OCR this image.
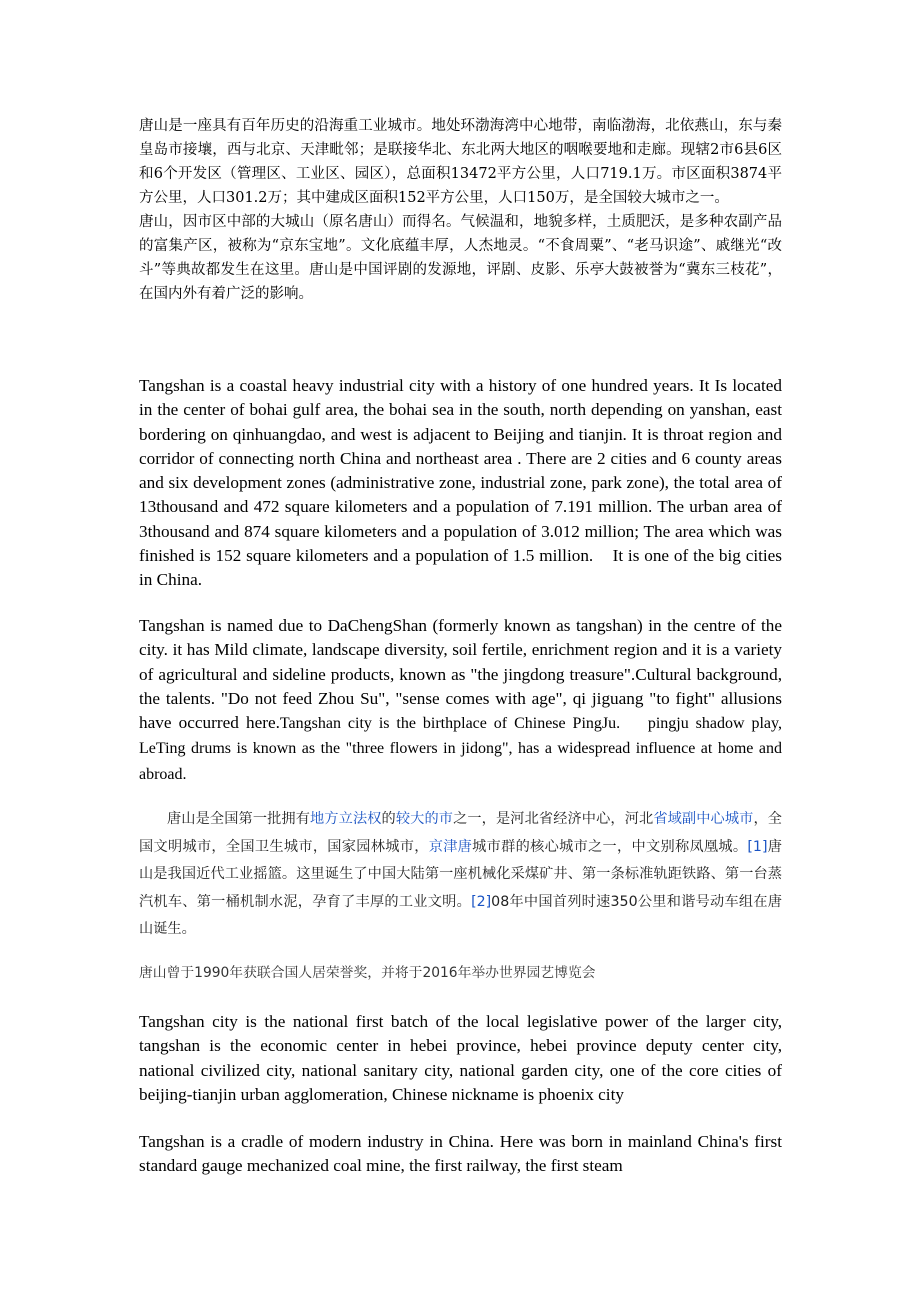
唐山是一座具有百年历史的沿海重工业城市。地处环渤海湾中心地带，南临渤海，北依燕山，东与秦皇岛市接壤，西与北京、天津毗邻；是联接华北、东北两大地区的咽喉要地和走廊。现辖2市6县6区和6个开发区（管理区、工业区、园区），总面积13472平方公里，人口719.1万。市区面积3874平方公里，人口301.2万；其中建成区面积152平方公里，人口150万，是全国较大城市之一。

唐山，因市区中部的大城山（原名唐山）而得名。气候温和，地貌多样，土质肥沃，是多种农副产品的富集产区，被称为“京东宝地”。文化底蕴丰厚，人杰地灵。“不食周粟”、“老马识途”、戚继光“改斗”等典故都发生在这里。唐山是中国评剧的发源地，评剧、皮影、乐亭大鼓被誉为“冀东三枝花”，在国内外有着广泛的影响。

Tangshan is a coastal heavy industrial city with a history of one hundred years. It Is located in the center of bohai gulf area, the bohai sea in the south, north depending on yanshan, east bordering on qinhuangdao, and west is adjacent to Beijing and tianjin. It is throat region and corridor of connecting north China and northeast area . There are 2 cities and 6 county areas and six development zones (administrative zone, industrial zone, park zone), the total area of 13thousand and 472 square kilometers and a population of 7.191 million. The urban area of 3thousand and 874 square kilometers and a population of 3.012 million; The area which was finished is 152 square kilometers and a population of 1.5 million.    It is one of the big cities in China.

Tangshan is named due to DaChengShan (formerly known as tangshan) in the centre of the city. it has Mild climate, landscape diversity, soil fertile, enrichment region and it is a variety of agricultural and sideline products, known as "the jingdong treasure".Cultural background, the talents. "Do not feed Zhou Su", "sense comes with age", qi jiguang "to fight" allusions have occurred here.Tangshan city is the birthplace of Chinese PingJu.    pingju shadow play, LeTing drums is known as the "three flowers in jidong", has a widespread influence at home and abroad.

唐山是全国第一批拥有地方立法权的较大的市之一，是河北省经济中心，河北省域副中心城市，全国文明城市，全国卫生城市，国家园林城市，京津唐城市群的核心城市之一，中文别称凤凰城。[1]唐山是我国近代工业摇篮。这里诞生了中国大陆第一座机械化采煤矿井、第一条标准轨距铁路、第一台蒸汽机车、第一桶机制水泥，孕育了丰厚的工业文明。[2]08年中国首列时速350公里和谐号动车组在唐山诞生。

唐山曾于1990年获联合国人居荣誉奖，并将于2016年举办世界园艺博览会

Tangshan city is the national first batch of the local legislative power of the larger city, tangshan is the economic center in hebei province, hebei province deputy center city, national civilized city, national sanitary city, national garden city, one of the core cities of beijing-tianjin urban agglomeration, Chinese nickname is phoenix city

Tangshan is a cradle of modern industry in China. Here was born in mainland China's first standard gauge mechanized coal mine, the first railway, the first steam
